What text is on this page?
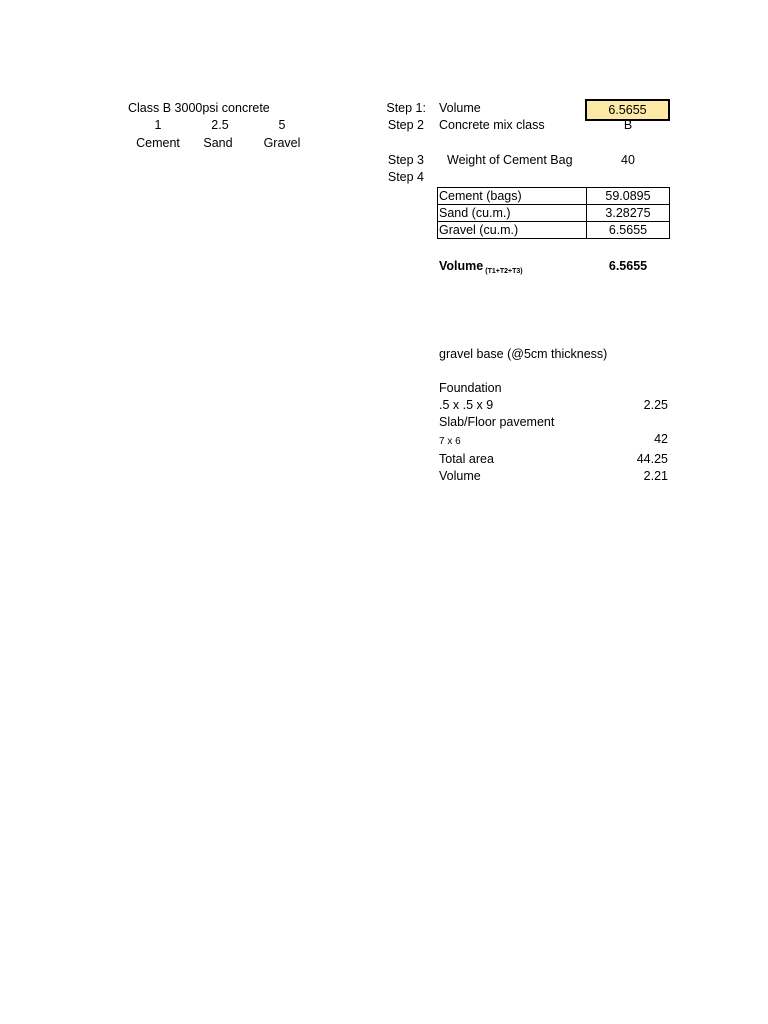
Class B 3000psi concrete
1	2.5	5
Cement	Sand	Gravel
Step 1: Volume	6.5655
Step 2 Concrete mix class	B
Step 3 Weight of Cement Bag	40
Step 4
Cement (bags)	59.0895
Sand (cu.m.)	3.28275
Gravel (cu.m.)	6.5655
Volume $_{(T1+T2+T3)}$	6.5655
gravel base (@5cm thickness)
Foundation
.5 x .5 x 9	2.25
Slab/Floor pavement
7 x 6	42
Total area	44.25
Volume	2.21
